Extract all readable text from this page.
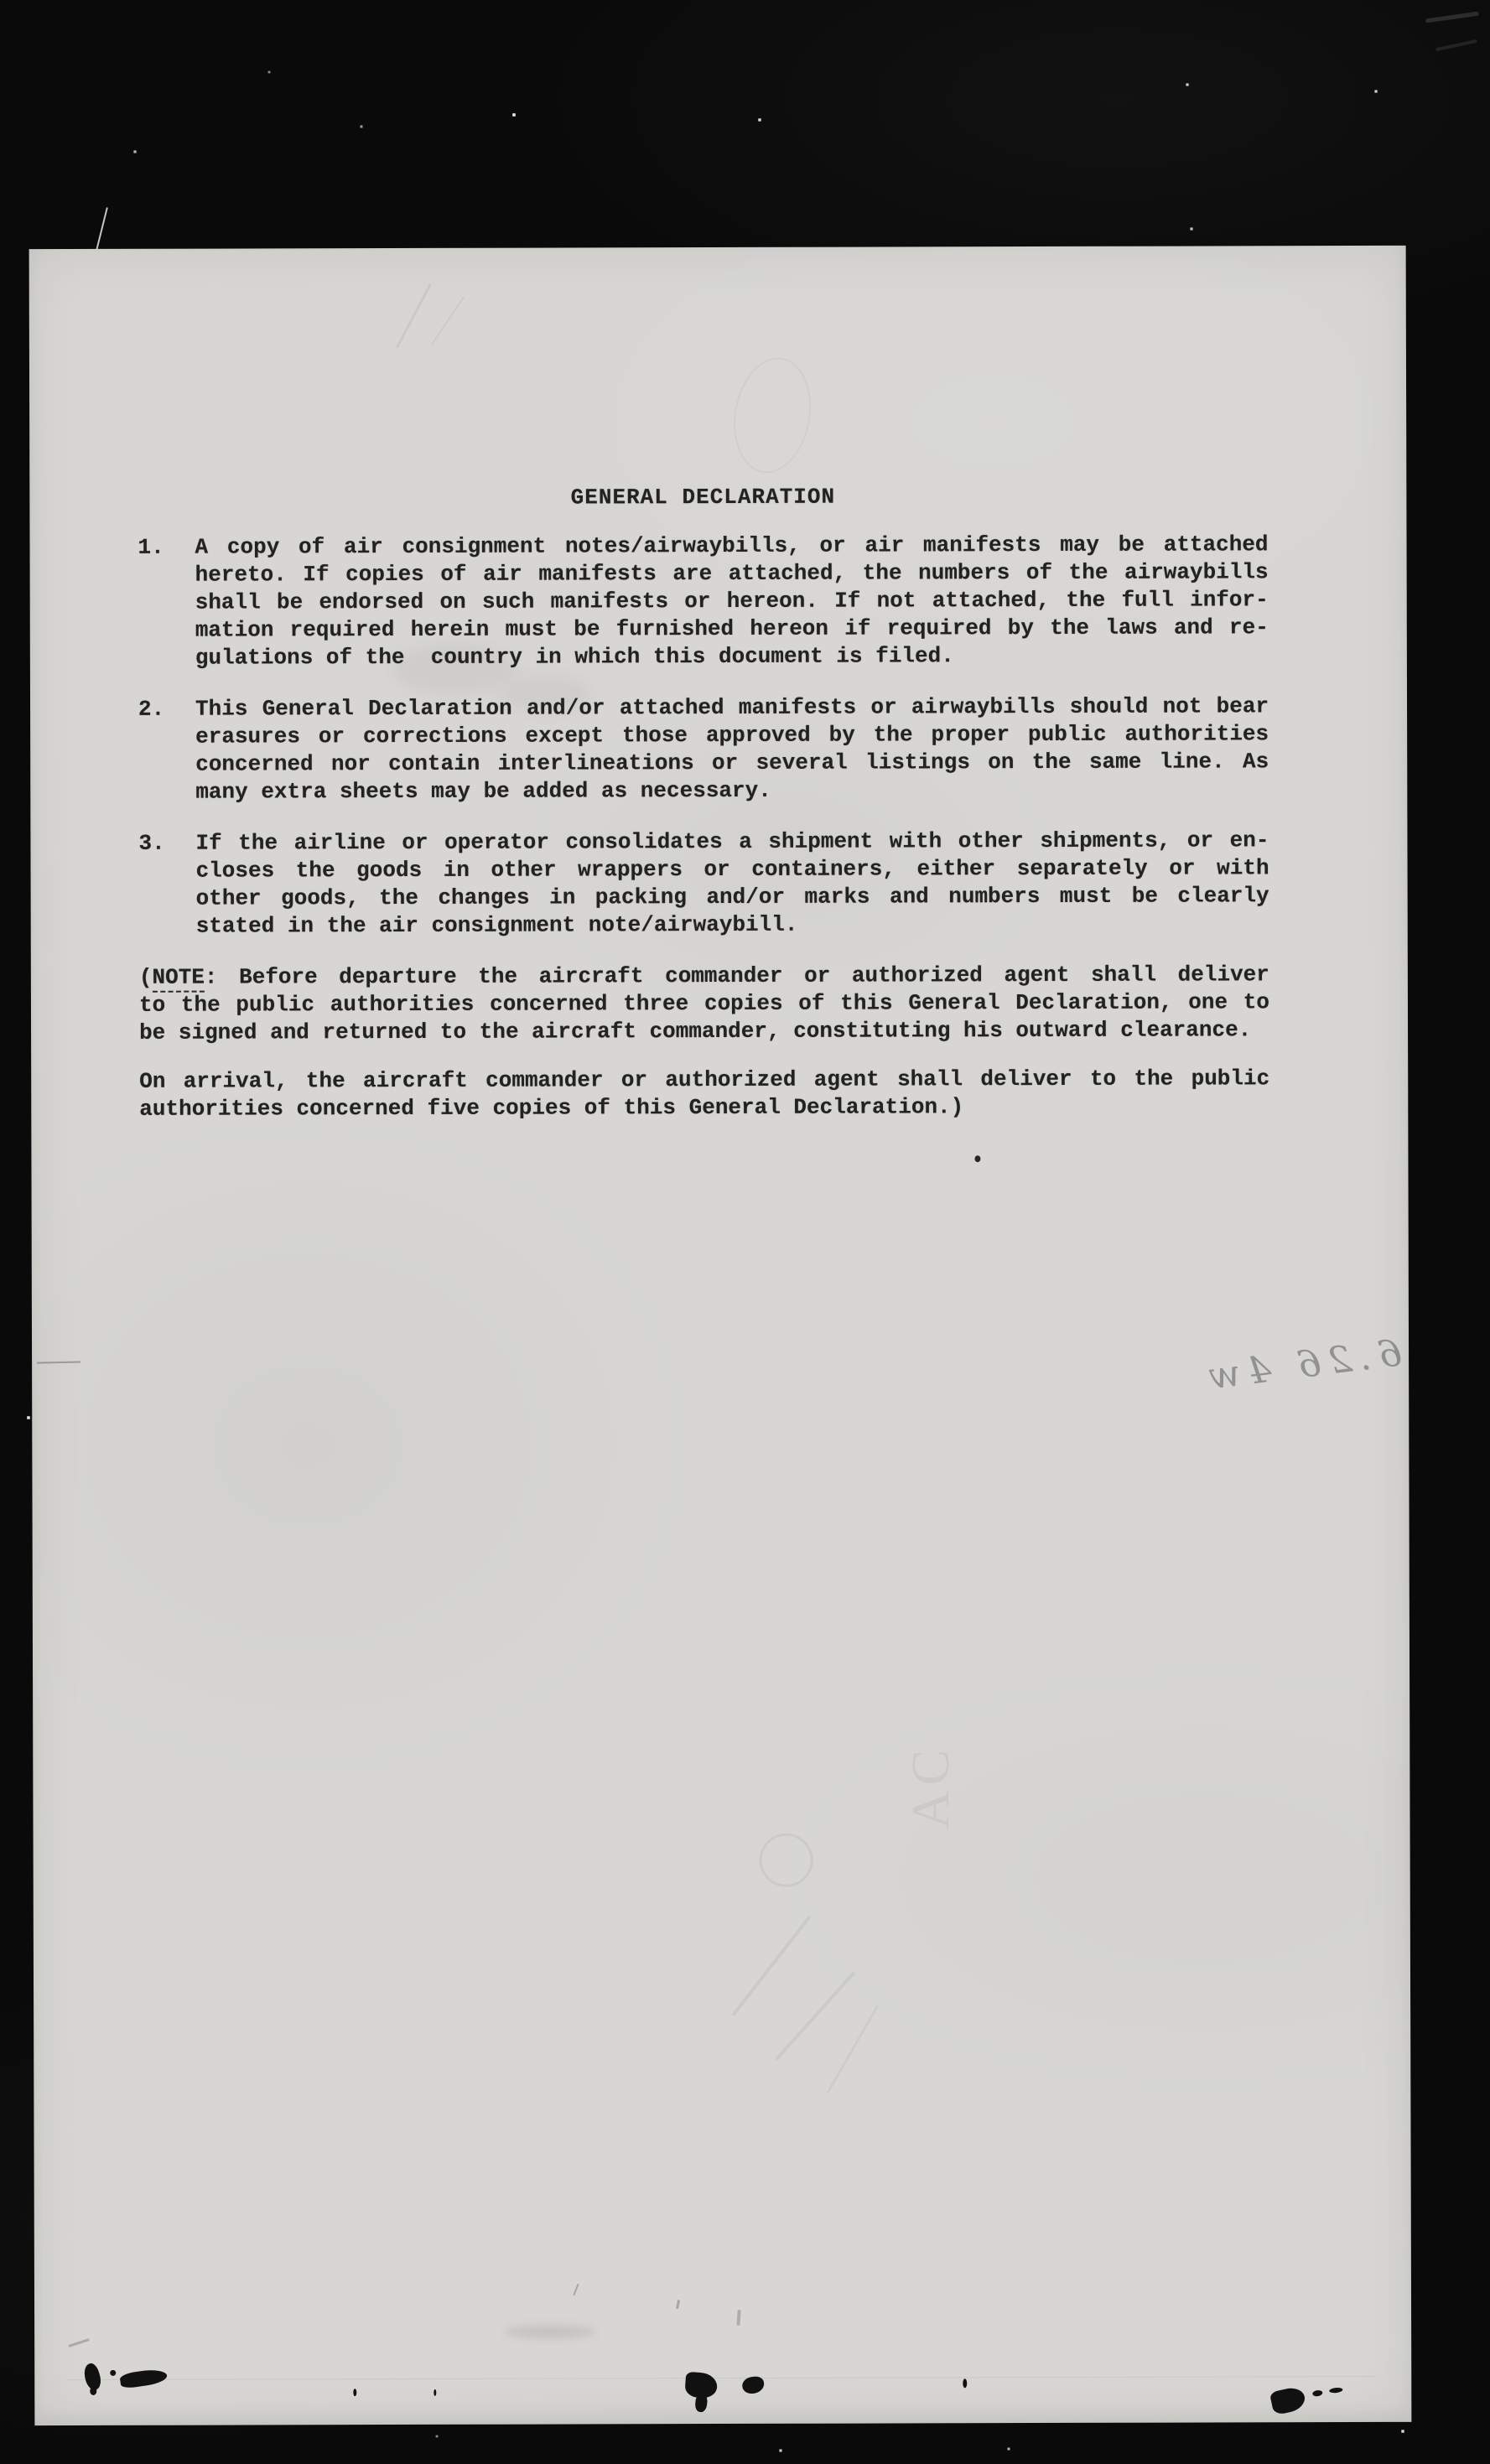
AC
GENERAL DECLARATION
1. A copy of air consignment notes/airwaybills, or air manifests may be attached
hereto. If copies of air manifests are attached, the numbers of the airwaybills
shall be endorsed on such manifests or hereon. If not attached, the full infor-
mation required herein must be furnished hereon if required by the laws and re-
gulations of the  country in which this document is filed.
2. This General Declaration and/or attached manifests or airwaybills should not bear
erasures or corrections except those approved by the proper public authorities
concerned nor contain interlineations or several listings on the same line. As
many extra sheets may be added as necessary.
3. If the airline or operator consolidates a shipment with other shipments, or en-
closes the goods in other wrappers or containers, either separately or with
other goods, the changes in packing and/or marks and numbers must be clearly
stated in the air consignment note/airwaybill.
(NOTE: Before departure the aircraft commander or authorized agent shall deliver
to the public authorities concerned three copies of this General Declaration, one to
be signed and returned to the aircraft commander, constituting his outward clearance.
On arrival, the aircraft commander or authorized agent shall deliver to the public
authorities concerned five copies of this General Declaration.)
6.26 4w
